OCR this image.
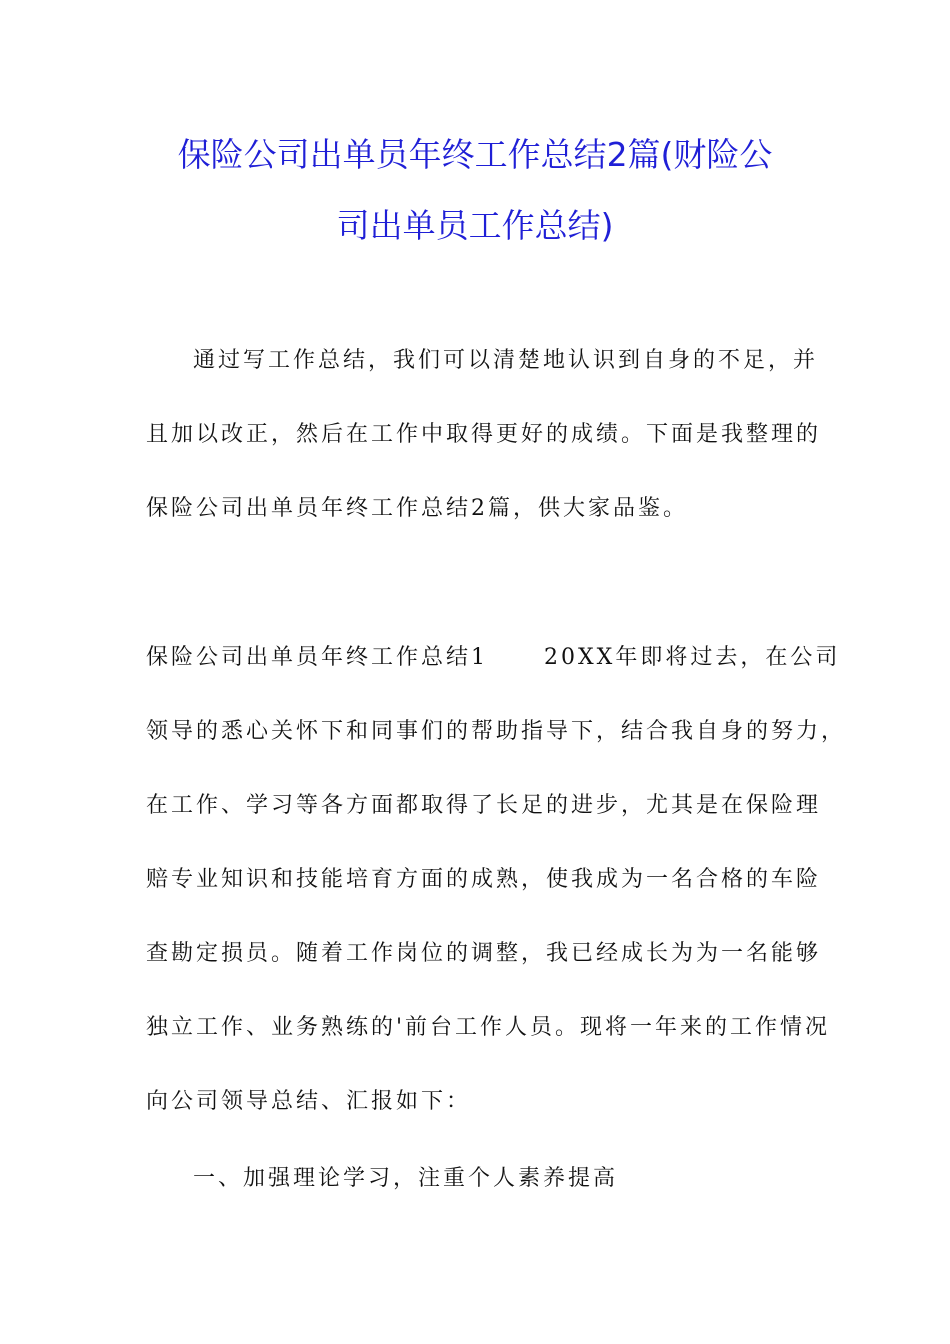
保险公司出单员年终工作总结2篇(财险公
司出单员工作总结)
通过写工作总结，我们可以清楚地认识到自身的不足，并
且加以改正，然后在工作中取得更好的成绩。下面是我整理的
保险公司出单员年终工作总结2篇，供大家品鉴。
保险公司出单员年终工作总结1	20XX年即将过去，在公司
领导的悉心关怀下和同事们的帮助指导下，结合我自身的努力，
在工作、学习等各方面都取得了长足的进步，尤其是在保险理
赔专业知识和技能培育方面的成熟，使我成为一名合格的车险
查勘定损员。随着工作岗位的调整，我已经成长为为一名能够
独立工作、业务熟练的'前台工作人员。现将一年来的工作情况
向公司领导总结、汇报如下：
一、加强理论学习，注重个人素养提高
